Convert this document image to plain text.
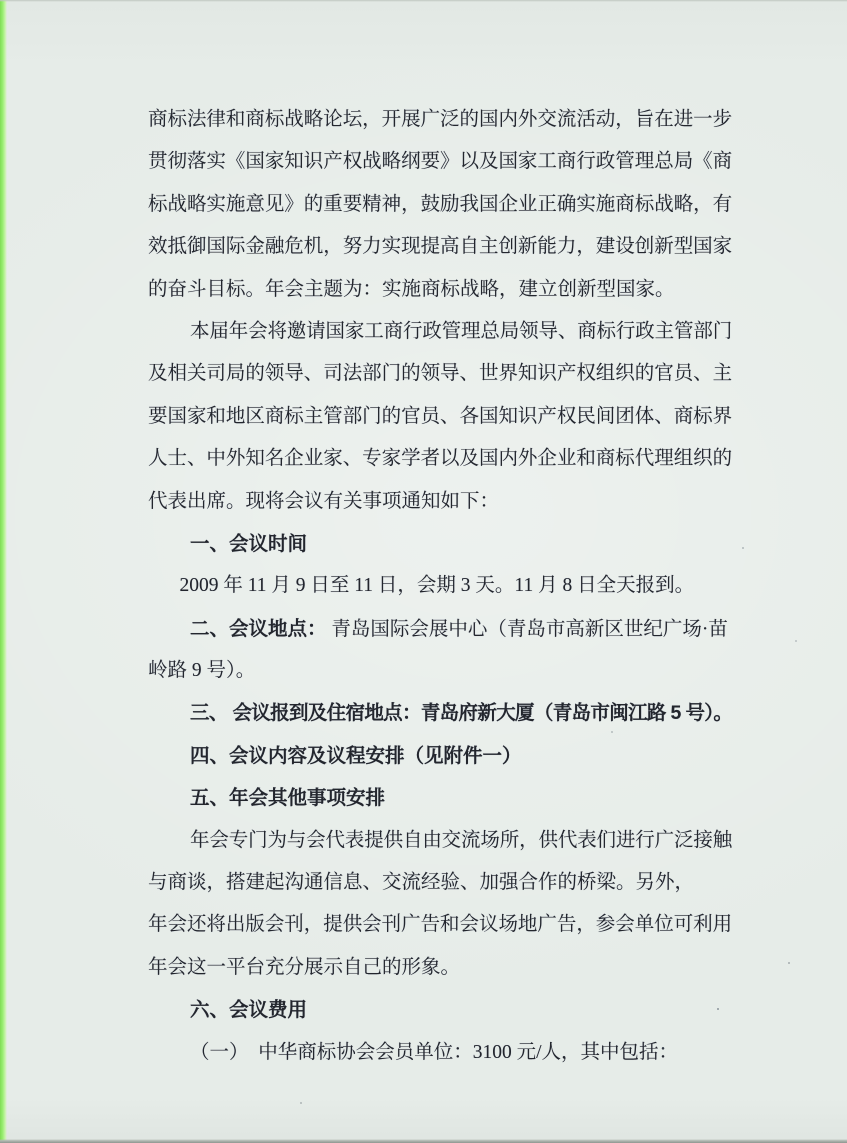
商标法律和商标战略论坛，开展广泛的国内外交流活动，旨在进一步
贯彻落实《国家知识产权战略纲要》以及国家工商行政管理总局《商
标战略实施意见》的重要精神，鼓励我国企业正确实施商标战略，有
效抵御国际金融危机，努力实现提高自主创新能力，建设创新型国家
的奋斗目标。年会主题为：实施商标战略，建立创新型国家。
本届年会将邀请国家工商行政管理总局领导、商标行政主管部门
及相关司局的领导、司法部门的领导、世界知识产权组织的官员、主
要国家和地区商标主管部门的官员、各国知识产权民间团体、商标界
人士、中外知名企业家、专家学者以及国内外企业和商标代理组织的
代表出席。现将会议有关事项通知如下：
一、会议时间
2009 年 11 月 9 日至 11 日，会期 3 天。11 月 8 日全天报到。
二、会议地点： 青岛国际会展中心（青岛市高新区世纪广场·苗
岭路 9 号）。
三、 会议报到及住宿地点：青岛府新大厦（青岛市闽江路 5 号）。
四、会议内容及议程安排（见附件一）
五、年会其他事项安排
年会专门为与会代表提供自由交流场所，供代表们进行广泛接触
与商谈，搭建起沟通信息、交流经验、加强合作的桥梁。另外，
年会还将出版会刊，提供会刊广告和会议场地广告，参会单位可利用
年会这一平台充分展示自己的形象。
六、会议费用
（一）　中华商标协会会员单位：3100 元/人，其中包括：
